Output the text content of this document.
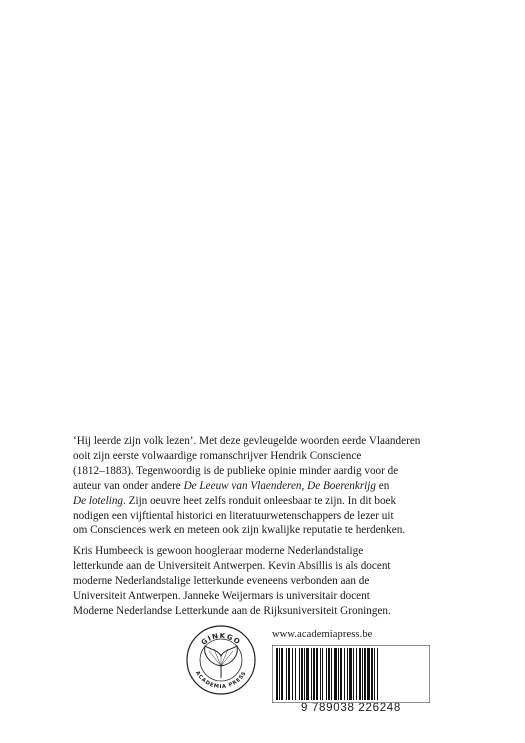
‘Hij leerde zijn volk lezen’. Met deze gevleugelde woorden eerde Vlaanderen
ooit zijn eerste volwaardige romanschrijver Hendrik Conscience
(1812–1883). Tegenwoordig is de publieke opinie minder aardig voor de
auteur van onder andere De Leeuw van Vlaenderen, De Boerenkrijg en
De loteling. Zijn oeuvre heet zelfs ronduit onleesbaar te zijn. In dit boek
nodigen een vijftiental historici en literatuurwetenschappers de lezer uit
om Consciences werk en meteen ook zijn kwalijke reputatie te herdenken.

Kris Humbeeck is gewoon hoogleraar moderne Nederlandstalige
letterkunde aan de Universiteit Antwerpen. Kevin Absillis is als docent
moderne Nederlandstalige letterkunde eveneens verbonden aan de
Universiteit Antwerpen. Janneke Weijermars is universitair docent
Moderne Nederlandse Letterkunde aan de Rijksuniversiteit Groningen.

GINKGO
ACADEMIA PRESS
www.academiapress.be
9 789038 226248
